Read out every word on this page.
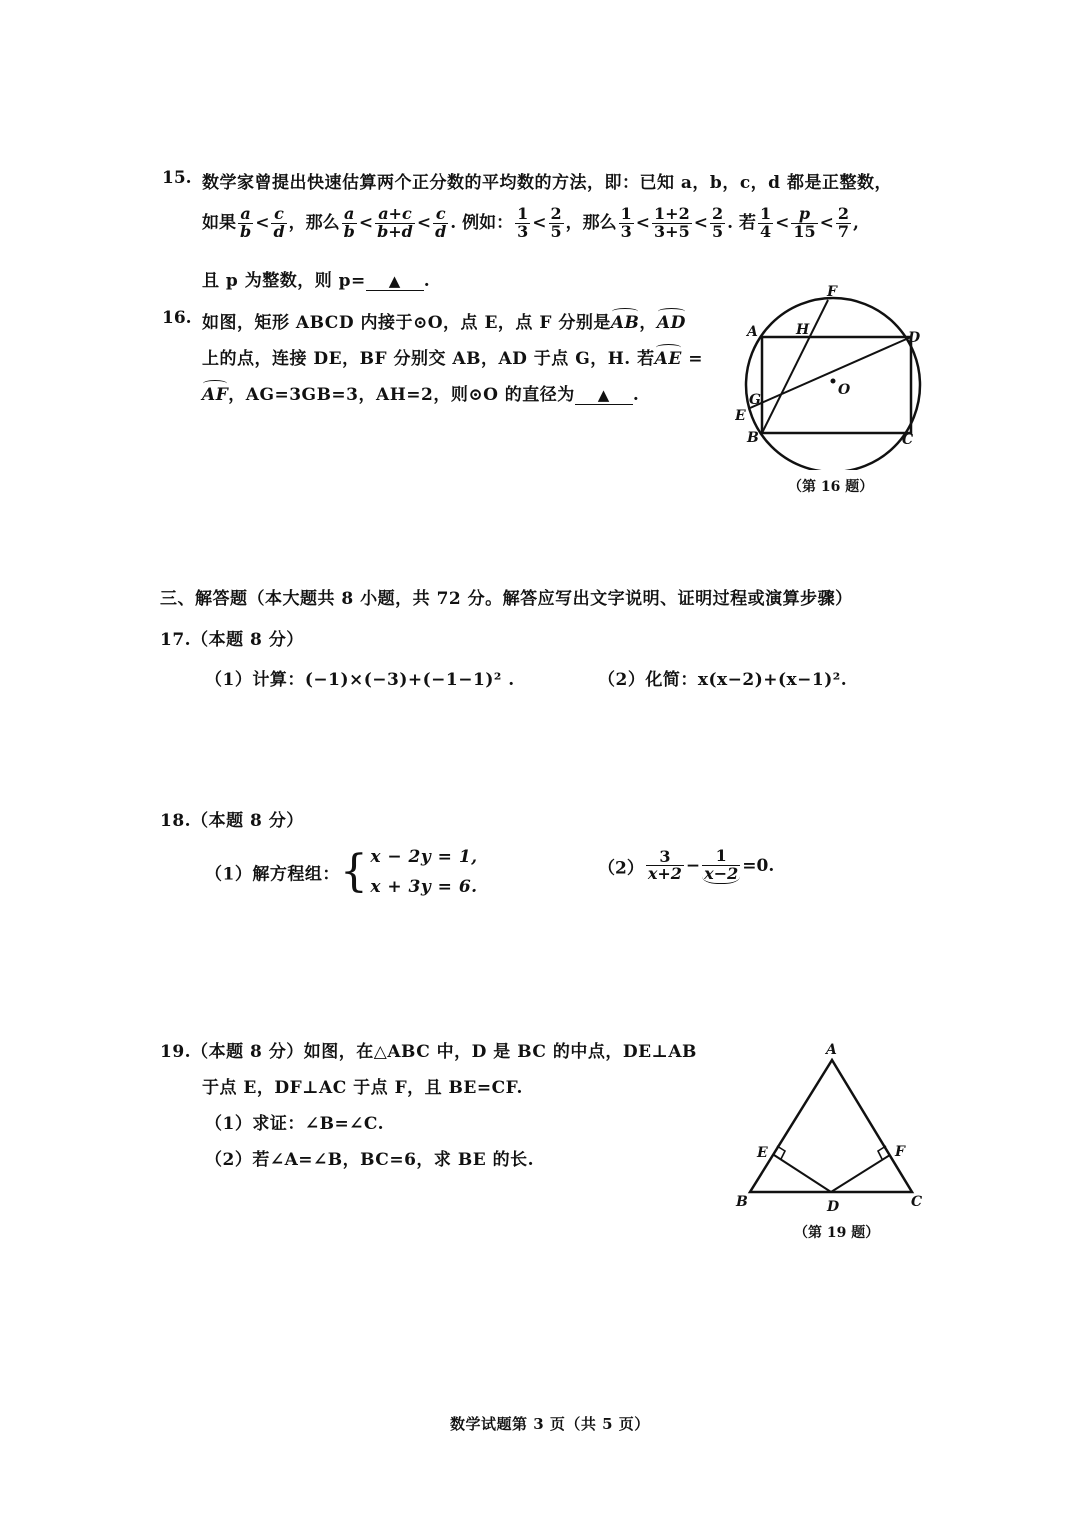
15. 数学家曾提出快速估算两个正分数的平均数的方法，即：已知 a，b，c，d 都是正整数，
如果 $\frac{a}{b} < \frac{c}{d}$ ，那么 $\frac{a}{b} < \frac{a+c}{b+d} < \frac{c}{d}$ . 例如： $\frac{1}{3} < \frac{2}{5}$ ，那么 $\frac{1}{3} < \frac{1+2}{3+5} < \frac{2}{5}$ . 若 $\frac{1}{4} < \frac{p}{15} < \frac{2}{7}$ ,
且 p 为整数，则 p= ▲ .
16. 如图，矩形 ABCD 内接于⊙O，点 E，点 F 分别是AB，AD
上的点，连接 DE，BF 分别交 AB，AD 于点 G，H. 若AE =
AF，AG=3GB=3，AH=2，则⊙O 的直径为 ▲ .
A
B	C
D
E
F
G
H
O
（第 16 题）
三、解答题（本大题共 8 小题，共 72 分。解答应写出文字说明、证明过程或演算步骤）
17.（本题 8 分）
（1）计算：(−1)×(−3)+(−1−1)² .	（2）化简：x(x−2)+(x−1)².
18.（本题 8 分）
（1）解方程组：{ x − 2y = 1,
x + 3y = 6.
$(2) \frac{3}{x+2} - \frac{1}{x-2} =0$.
19.（本题 8 分）如图，在△ABC 中，D 是 BC 的中点，DE⊥AB
于点 E，DF⊥AC 于点 F，且 BE=CF.
（1）求证：∠B=∠C.
（2）若∠A=∠B，BC=6，求 BE 的长.
A
B	C
D
E	F
（第 19 题）
数学试题第 3 页（共 5 页）
